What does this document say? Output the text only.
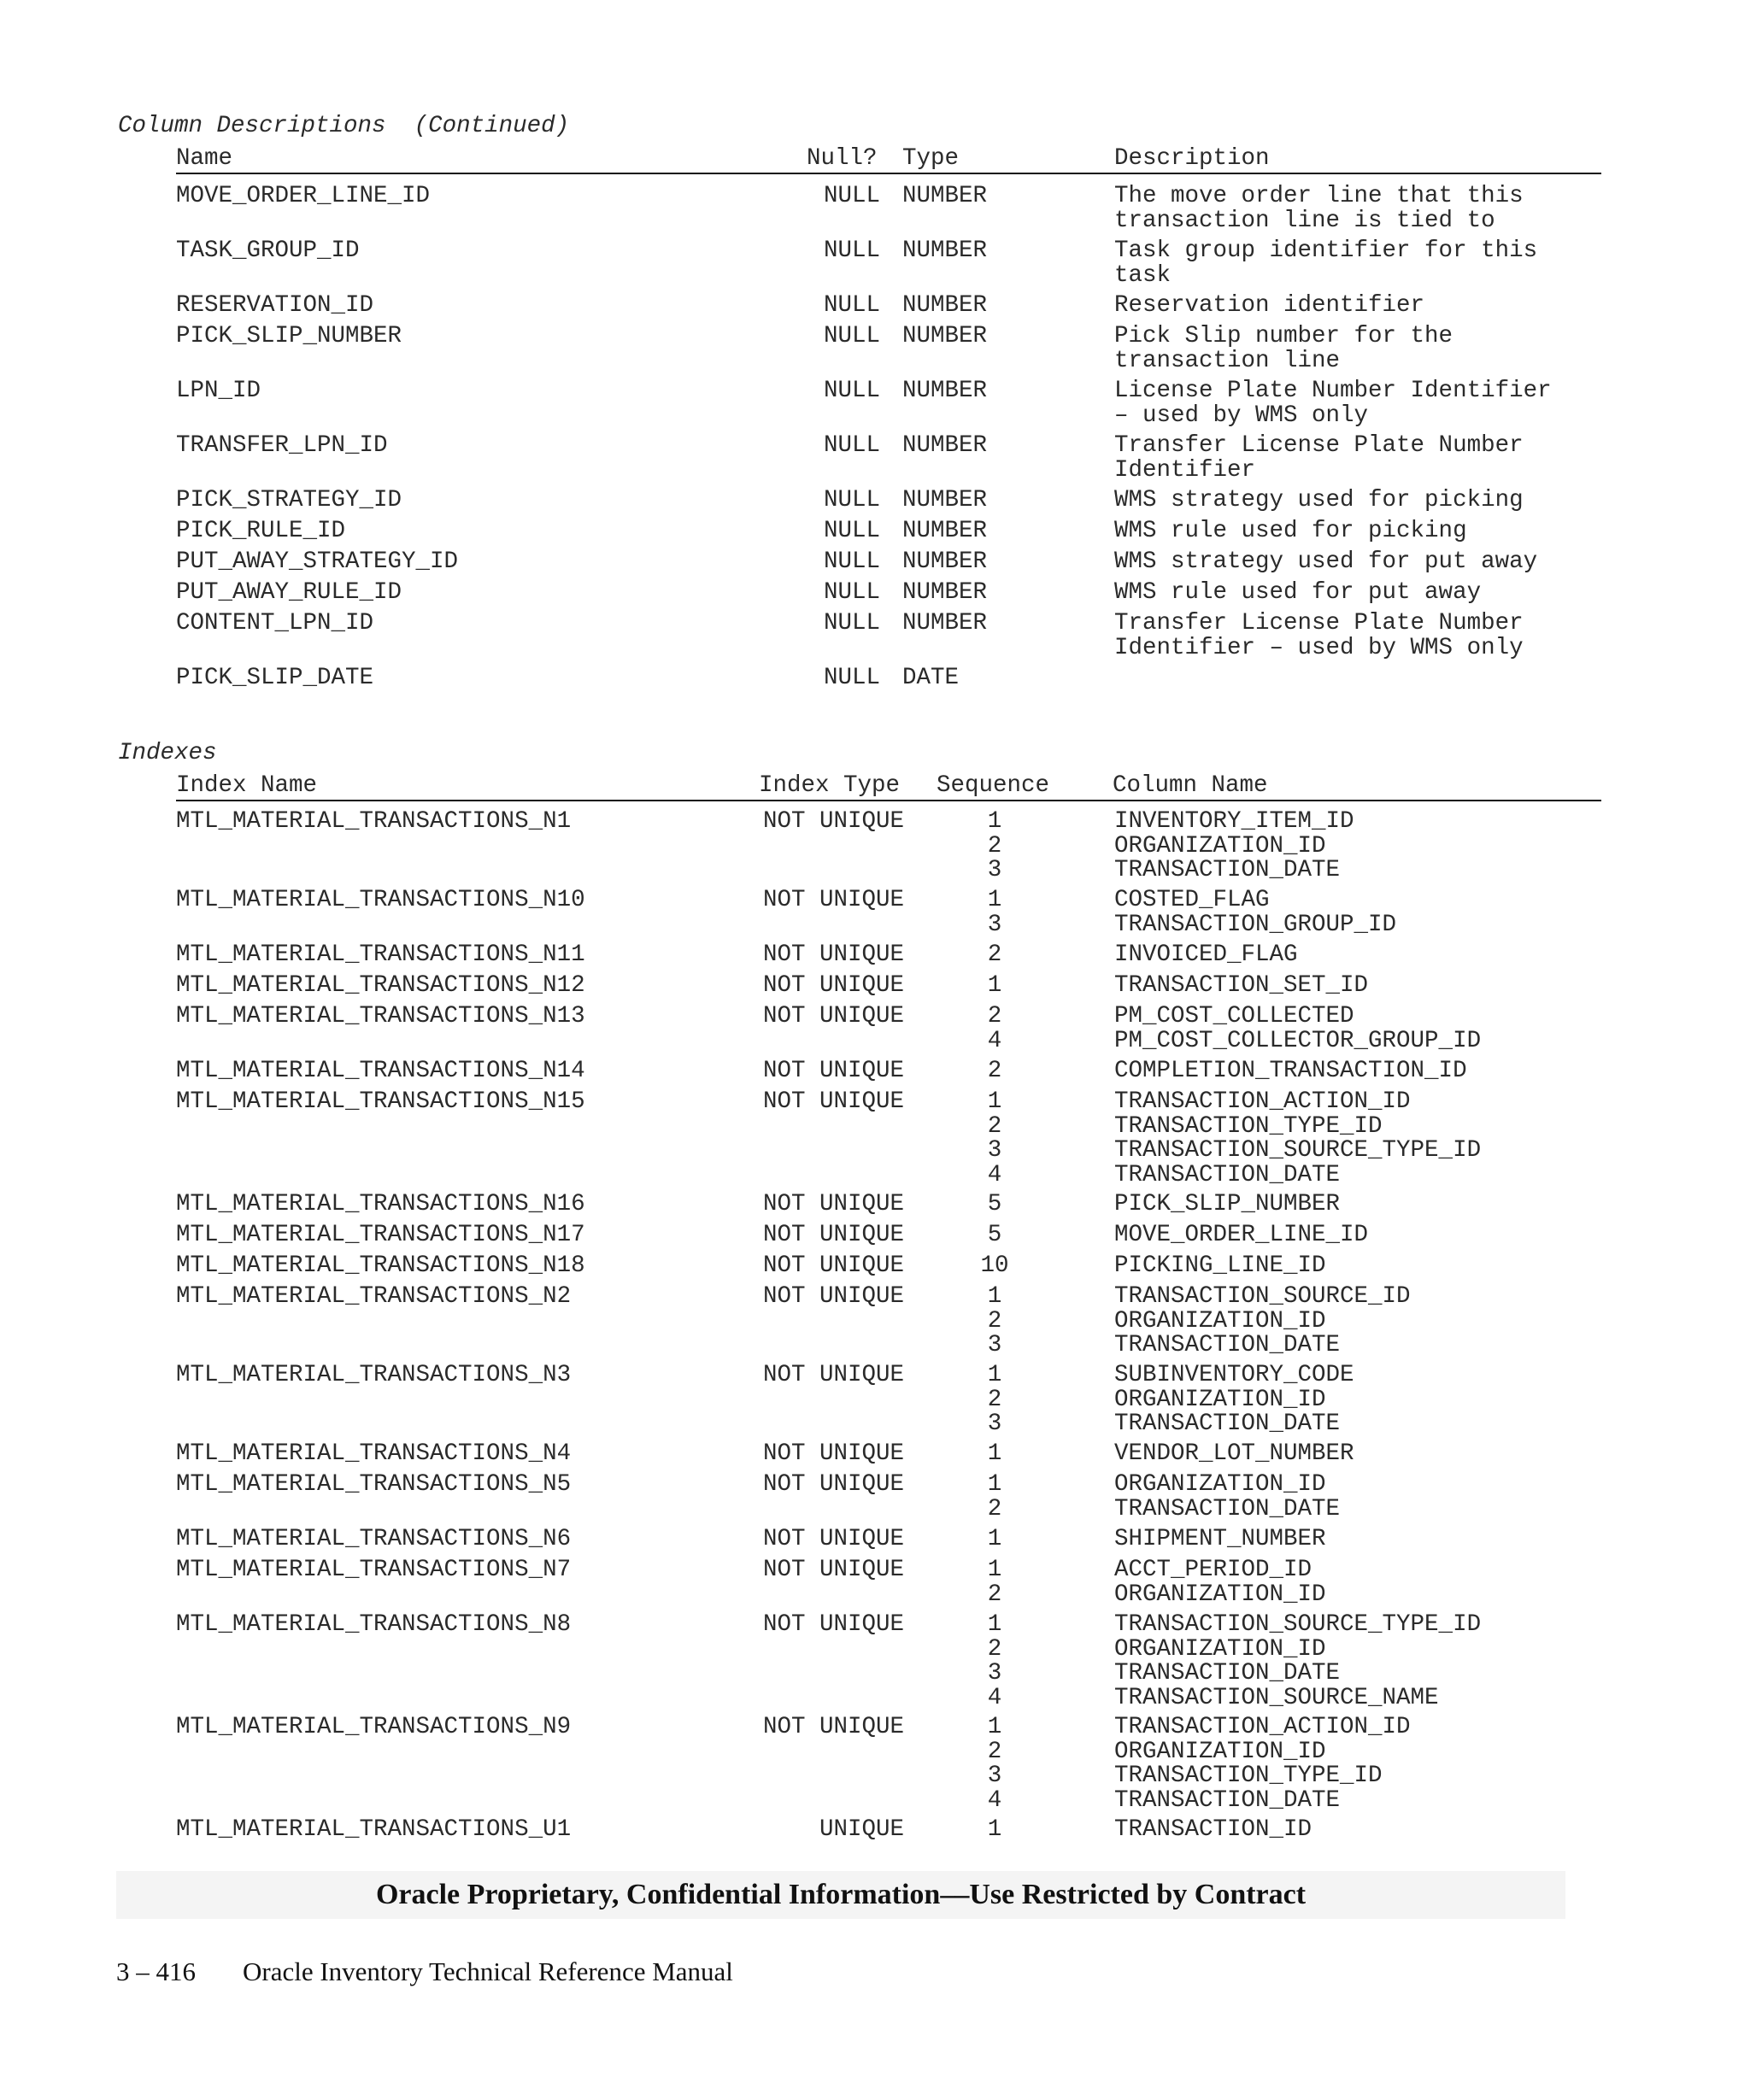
Column Descriptions (Continued)
Name	Null? Type	Description
MOVE_ORDER_LINE_ID	NULL NUMBER	The move order line that this
transaction line is tied to
TASK_GROUP_ID	NULL NUMBER	Task group identifier for this
task
RESERVATION_ID	NULL NUMBER	Reservation identifier
PICK_SLIP_NUMBER	NULL NUMBER	Pick Slip number for the
transaction line
LPN_ID	NULL NUMBER	License Plate Number Identifier
– used by WMS only
TRANSFER_LPN_ID	NULL NUMBER	Transfer License Plate Number
Identifier
PICK_STRATEGY_ID	NULL NUMBER	WMS strategy used for picking
PICK_RULE_ID	NULL NUMBER	WMS rule used for picking
PUT_AWAY_STRATEGY_ID	NULL NUMBER	WMS strategy used for put away
PUT_AWAY_RULE_ID	NULL NUMBER	WMS rule used for put away
CONTENT_LPN_ID	NULL NUMBER	Transfer License Plate Number
Identifier – used by WMS only
PICK_SLIP_DATE	NULL DATE
Indexes
Index Name	Index Type Sequence	Column Name
MTL_MATERIAL_TRANSACTIONS_N1	NOT UNIQUE	1	INVENTORY_ITEM_ID
2	ORGANIZATION_ID
3	TRANSACTION_DATE
MTL_MATERIAL_TRANSACTIONS_N10	NOT UNIQUE	1	COSTED_FLAG
3	TRANSACTION_GROUP_ID
MTL_MATERIAL_TRANSACTIONS_N11	NOT UNIQUE	2	INVOICED_FLAG
MTL_MATERIAL_TRANSACTIONS_N12	NOT UNIQUE	1	TRANSACTION_SET_ID
MTL_MATERIAL_TRANSACTIONS_N13	NOT UNIQUE	2	PM_COST_COLLECTED
4	PM_COST_COLLECTOR_GROUP_ID
MTL_MATERIAL_TRANSACTIONS_N14	NOT UNIQUE	2	COMPLETION_TRANSACTION_ID
MTL_MATERIAL_TRANSACTIONS_N15	NOT UNIQUE	1	TRANSACTION_ACTION_ID
2	TRANSACTION_TYPE_ID
3	TRANSACTION_SOURCE_TYPE_ID
4	TRANSACTION_DATE
MTL_MATERIAL_TRANSACTIONS_N16	NOT UNIQUE	5	PICK_SLIP_NUMBER
MTL_MATERIAL_TRANSACTIONS_N17	NOT UNIQUE	5	MOVE_ORDER_LINE_ID
MTL_MATERIAL_TRANSACTIONS_N18	NOT UNIQUE	10	PICKING_LINE_ID
MTL_MATERIAL_TRANSACTIONS_N2	NOT UNIQUE	1	TRANSACTION_SOURCE_ID
2	ORGANIZATION_ID
3	TRANSACTION_DATE
MTL_MATERIAL_TRANSACTIONS_N3	NOT UNIQUE	1	SUBINVENTORY_CODE
2	ORGANIZATION_ID
3	TRANSACTION_DATE
MTL_MATERIAL_TRANSACTIONS_N4	NOT UNIQUE	1	VENDOR_LOT_NUMBER
MTL_MATERIAL_TRANSACTIONS_N5	NOT UNIQUE	1	ORGANIZATION_ID
2	TRANSACTION_DATE
MTL_MATERIAL_TRANSACTIONS_N6	NOT UNIQUE	1	SHIPMENT_NUMBER
MTL_MATERIAL_TRANSACTIONS_N7	NOT UNIQUE	1	ACCT_PERIOD_ID
2	ORGANIZATION_ID
MTL_MATERIAL_TRANSACTIONS_N8	NOT UNIQUE	1	TRANSACTION_SOURCE_TYPE_ID
2	ORGANIZATION_ID
3	TRANSACTION_DATE
4	TRANSACTION_SOURCE_NAME
MTL_MATERIAL_TRANSACTIONS_N9	NOT UNIQUE	1	TRANSACTION_ACTION_ID
2	ORGANIZATION_ID
3	TRANSACTION_TYPE_ID
4	TRANSACTION_DATE
MTL_MATERIAL_TRANSACTIONS_U1	UNIQUE	1	TRANSACTION_ID
Oracle Proprietary, Confidential Information––Use Restricted by Contract
3 – 416 Oracle Inventory Technical Reference Manual
